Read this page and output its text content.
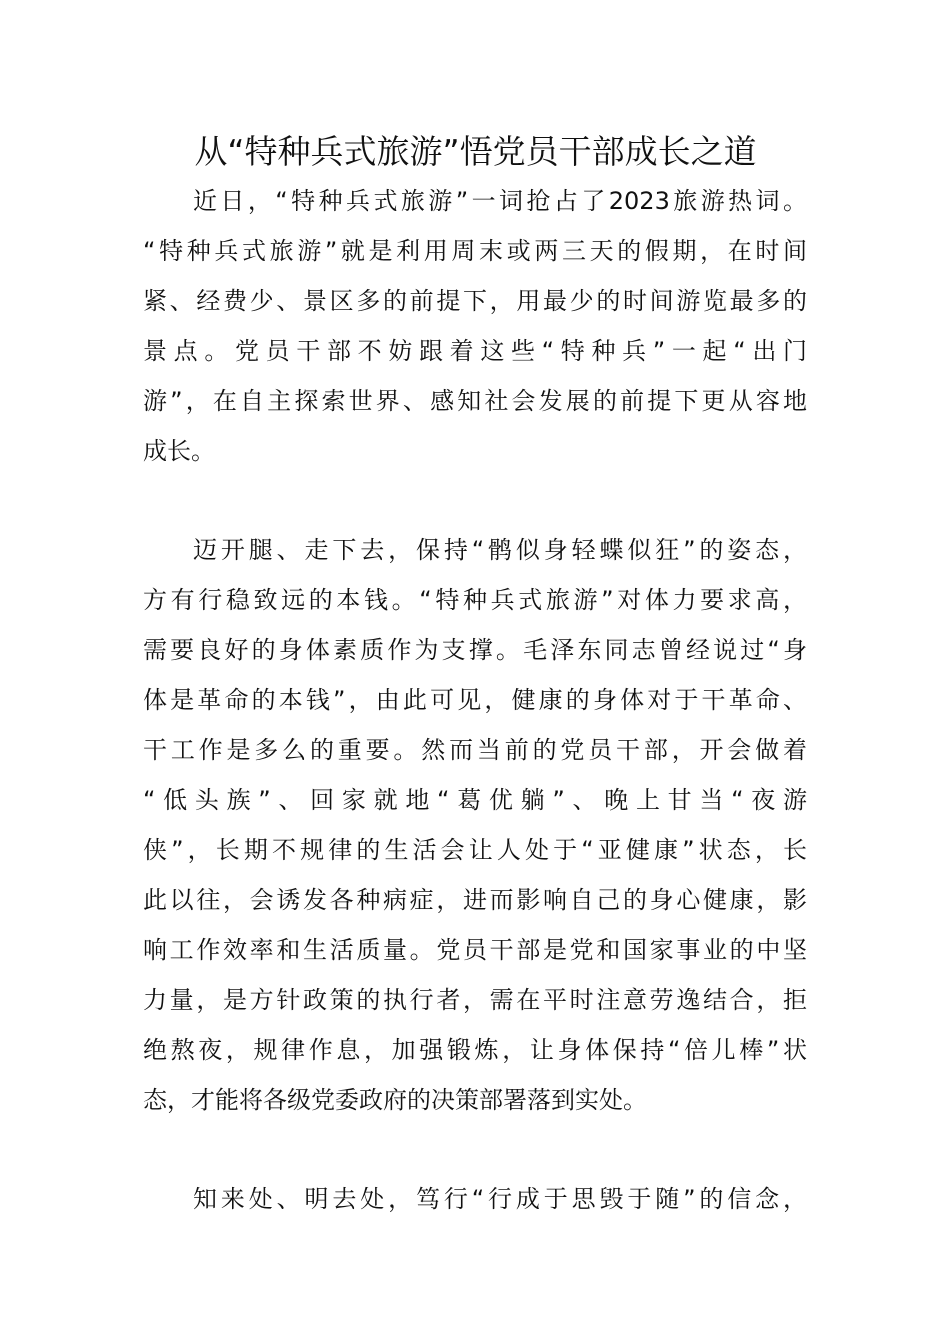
从“特种兵式旅游”悟党员干部成长之道
近日，“特种兵式旅游”一词抢占了2023旅游热词。
“特种兵式旅游”就是利用周末或两三天的假期，在时间
紧、经费少、景区多的前提下，用最少的时间游览最多的
景点。党员干部不妨跟着这些“特种兵”一起“出门
游”，在自主探索世界、感知社会发展的前提下更从容地
成长。
迈开腿、走下去，保持“鹘似身轻蝶似狂”的姿态，
方有行稳致远的本钱。“特种兵式旅游”对体力要求高，
需要良好的身体素质作为支撑。毛泽东同志曾经说过“身
体是革命的本钱”，由此可见，健康的身体对于干革命、
干工作是多么的重要。然而当前的党员干部，开会做着
“低头族”、回家就地“葛优躺”、晚上甘当“夜游
侠”，长期不规律的生活会让人处于“亚健康”状态，长
此以往，会诱发各种病症，进而影响自己的身心健康，影
响工作效率和生活质量。党员干部是党和国家事业的中坚
力量，是方针政策的执行者，需在平时注意劳逸结合，拒
绝熬夜，规律作息，加强锻炼，让身体保持“倍儿棒”状
态，才能将各级党委政府的决策部署落到实处。
知来处、明去处，笃行“行成于思毁于随”的信念，
